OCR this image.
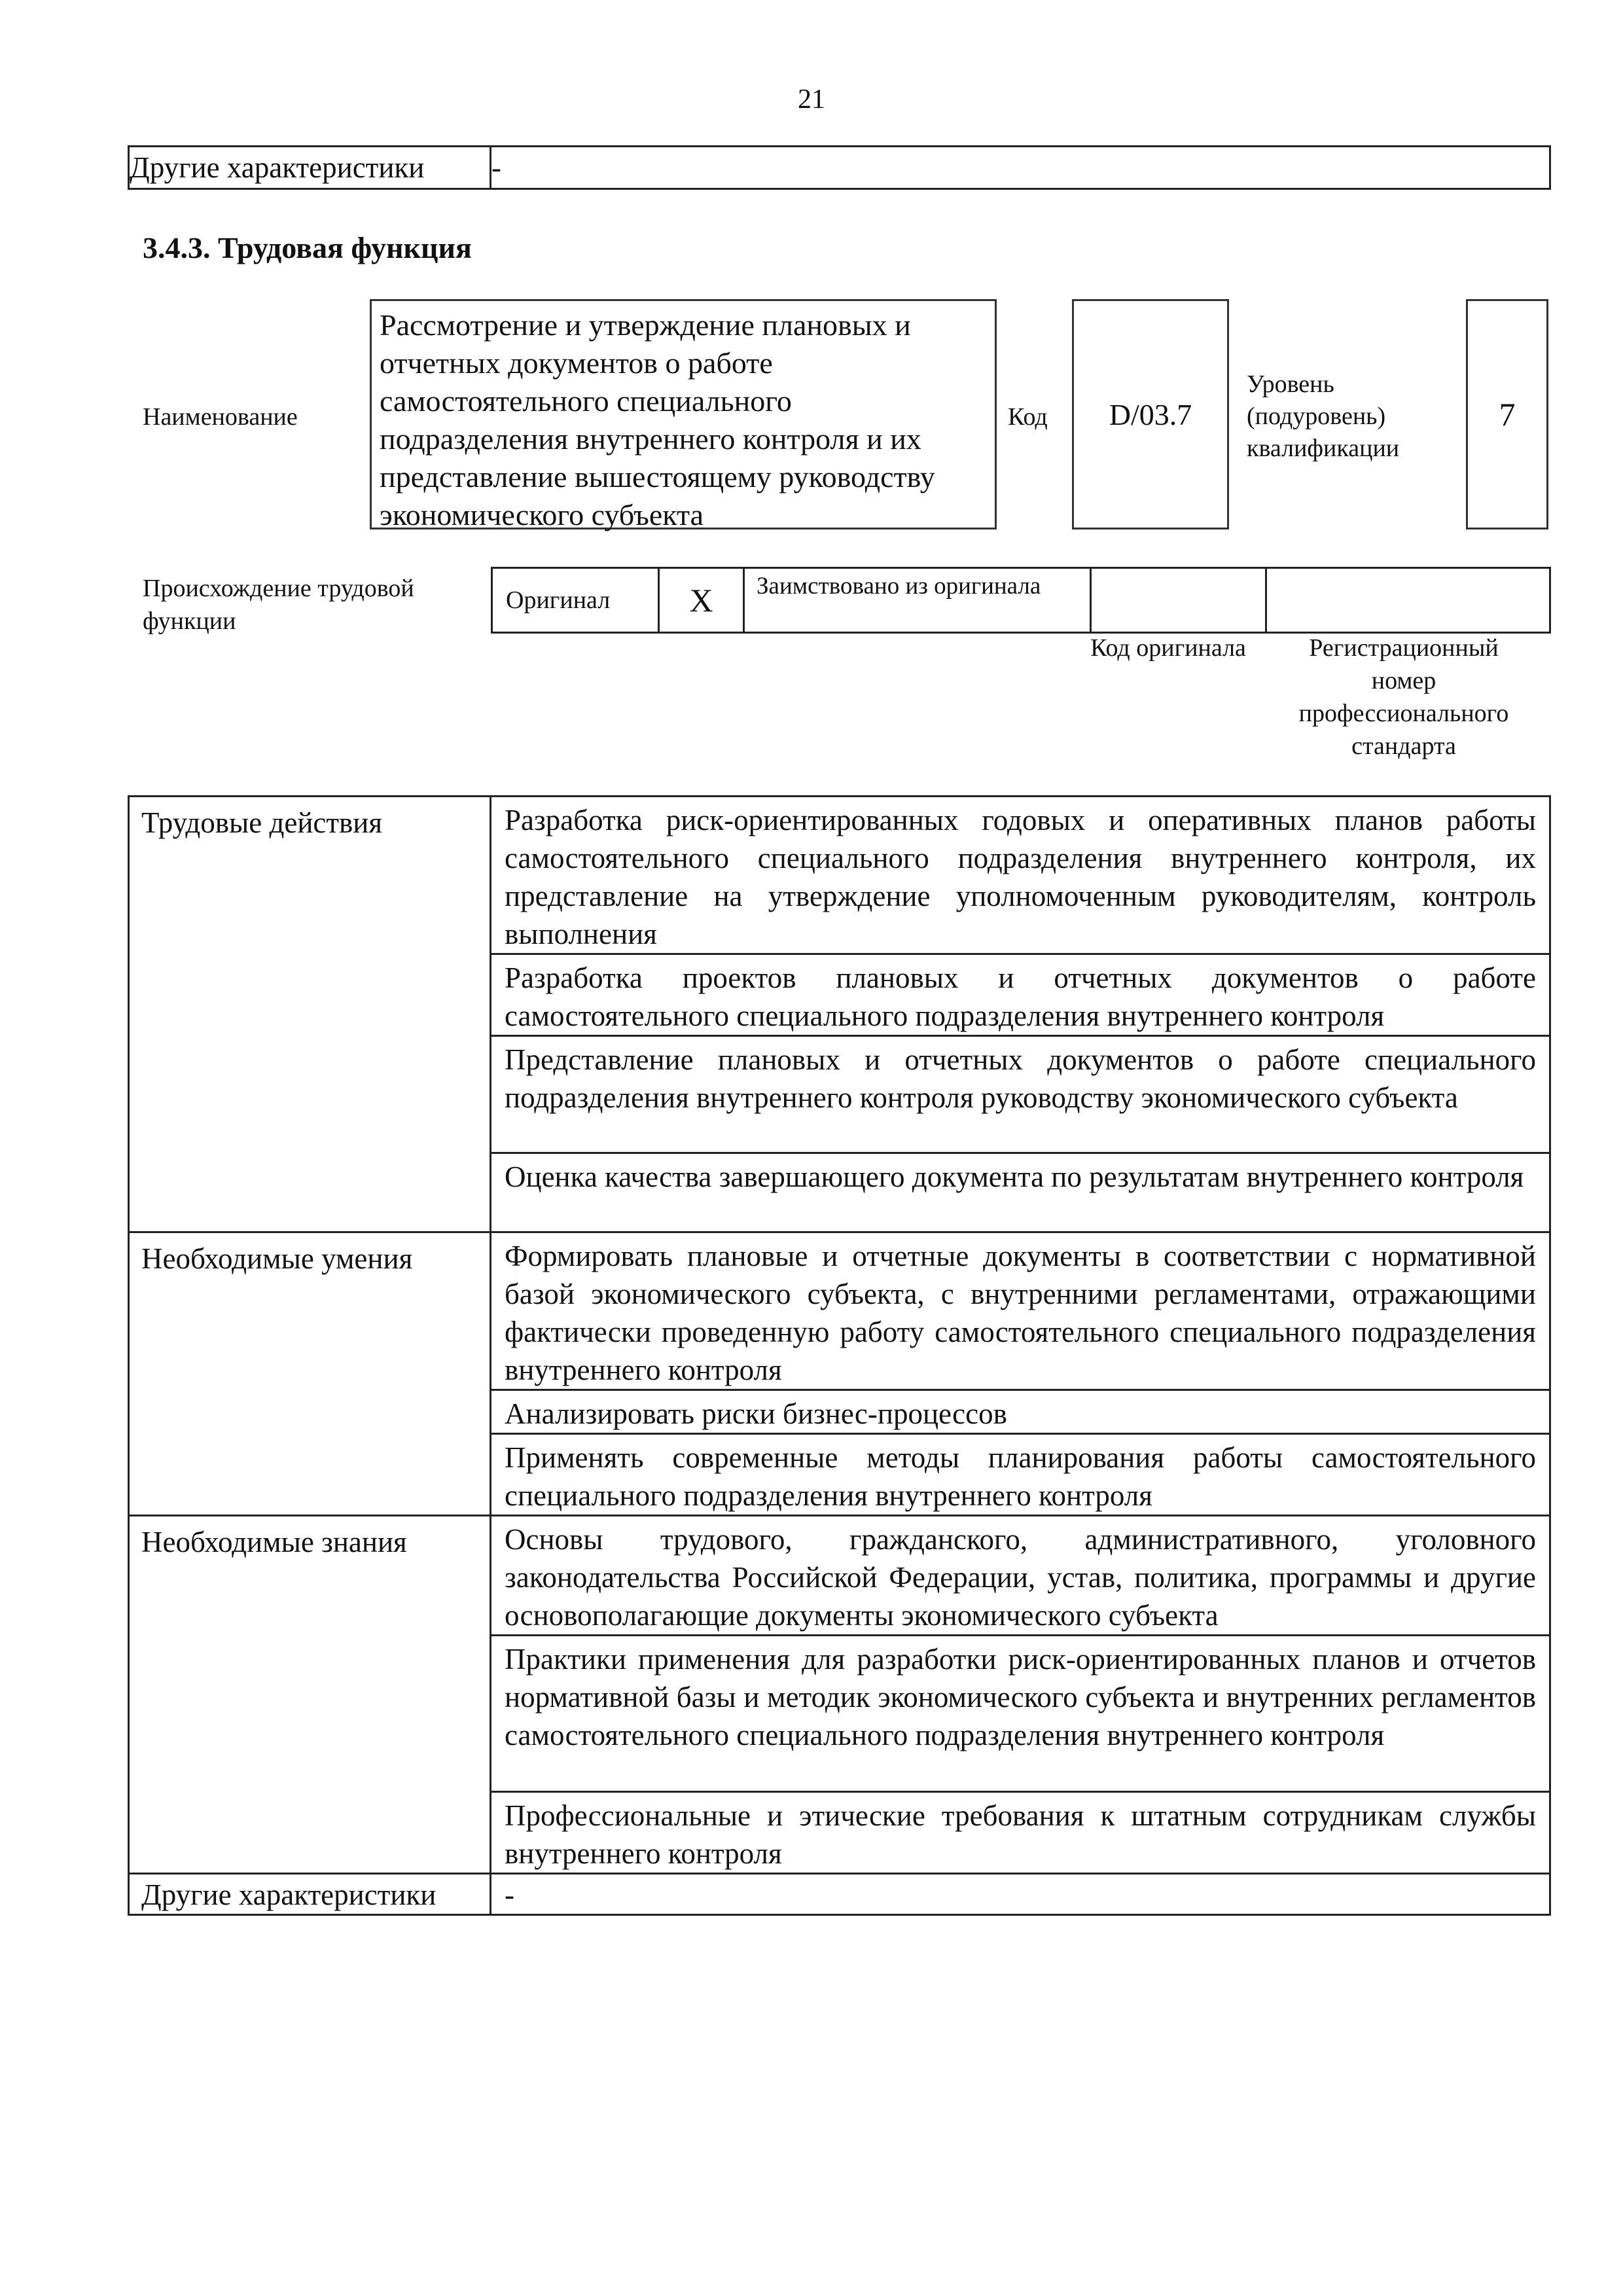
21
Другие характеристики	-
3.4.3. Трудовая функция
Наименование
Рассмотрение и утверждение плановых и отчетных документов о работе самостоятельного специального подразделения внутреннего контроля и их представление вышестоящему руководству экономического субъекта
Код	D/03.7
Уровень (подуровень) квалификации
7
Происхождение трудовой функции
Оригинал	X	Заимствовано из оригинала		
Код оригинала	Регистрационный номер профессионального стандарта
Трудовые действия	Разработка риск-ориентированных годовых и оперативных планов работы самостоятельного специального подразделения внутреннего контроля, их представление на утверждение уполномоченным руководителям, контроль выполнения
	Разработка проектов плановых и отчетных документов о работе самостоятельного специального подразделения внутреннего контроля
	Представление плановых и отчетных документов о работе специального подразделения внутреннего контроля руководству экономического субъекта
	Оценка качества завершающего документа по результатам внутреннего контроля
Необходимые умения	Формировать плановые и отчетные документы в соответствии с нормативной базой экономического субъекта, с внутренними регламентами, отражающими фактически проведенную работу самостоятельного специального подразделения внутреннего контроля
	Анализировать риски бизнес-процессов
	Применять современные методы планирования работы самостоятельного специального подразделения внутреннего контроля
Необходимые знания	Основы трудового, гражданского, административного, уголовного законодательства Российской Федерации, устав, политика, программы и другие основополагающие документы экономического субъекта
	Практики применения для разработки риск-ориентированных планов и отчетов нормативной базы и методик экономического субъекта и внутренних регламентов самостоятельного специального подразделения внутреннего контроля
	Профессиональные и этические требования к штатным сотрудникам службы внутреннего контроля
Другие характеристики	-
